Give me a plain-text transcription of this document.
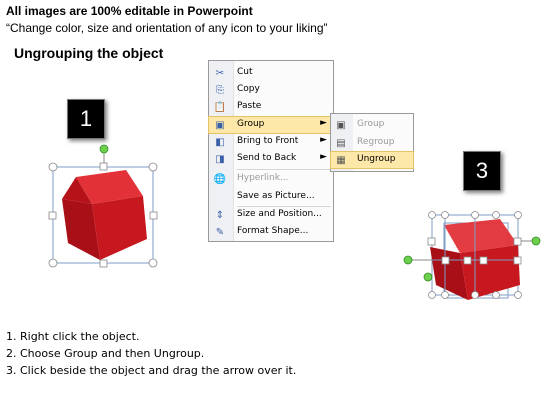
All images are 100% editable in Powerpoint
“Change color, size and orientation of any icon to your liking”
Ungrouping the object
1
3
✂ Cut
⎘ Copy
📋 Paste
▣ Group	►
◧ Bring to Front ►
◨ Send to Back	►
🌐 Hyperlink...
Save as Picture...
⇕ Size and Position...
✎ Format Shape...
▣ Group
▤ Regroup
▦ Ungroup
1. Right click the object.
2. Choose Group and then Ungroup.
3. Click beside the object and drag the arrow over it.
